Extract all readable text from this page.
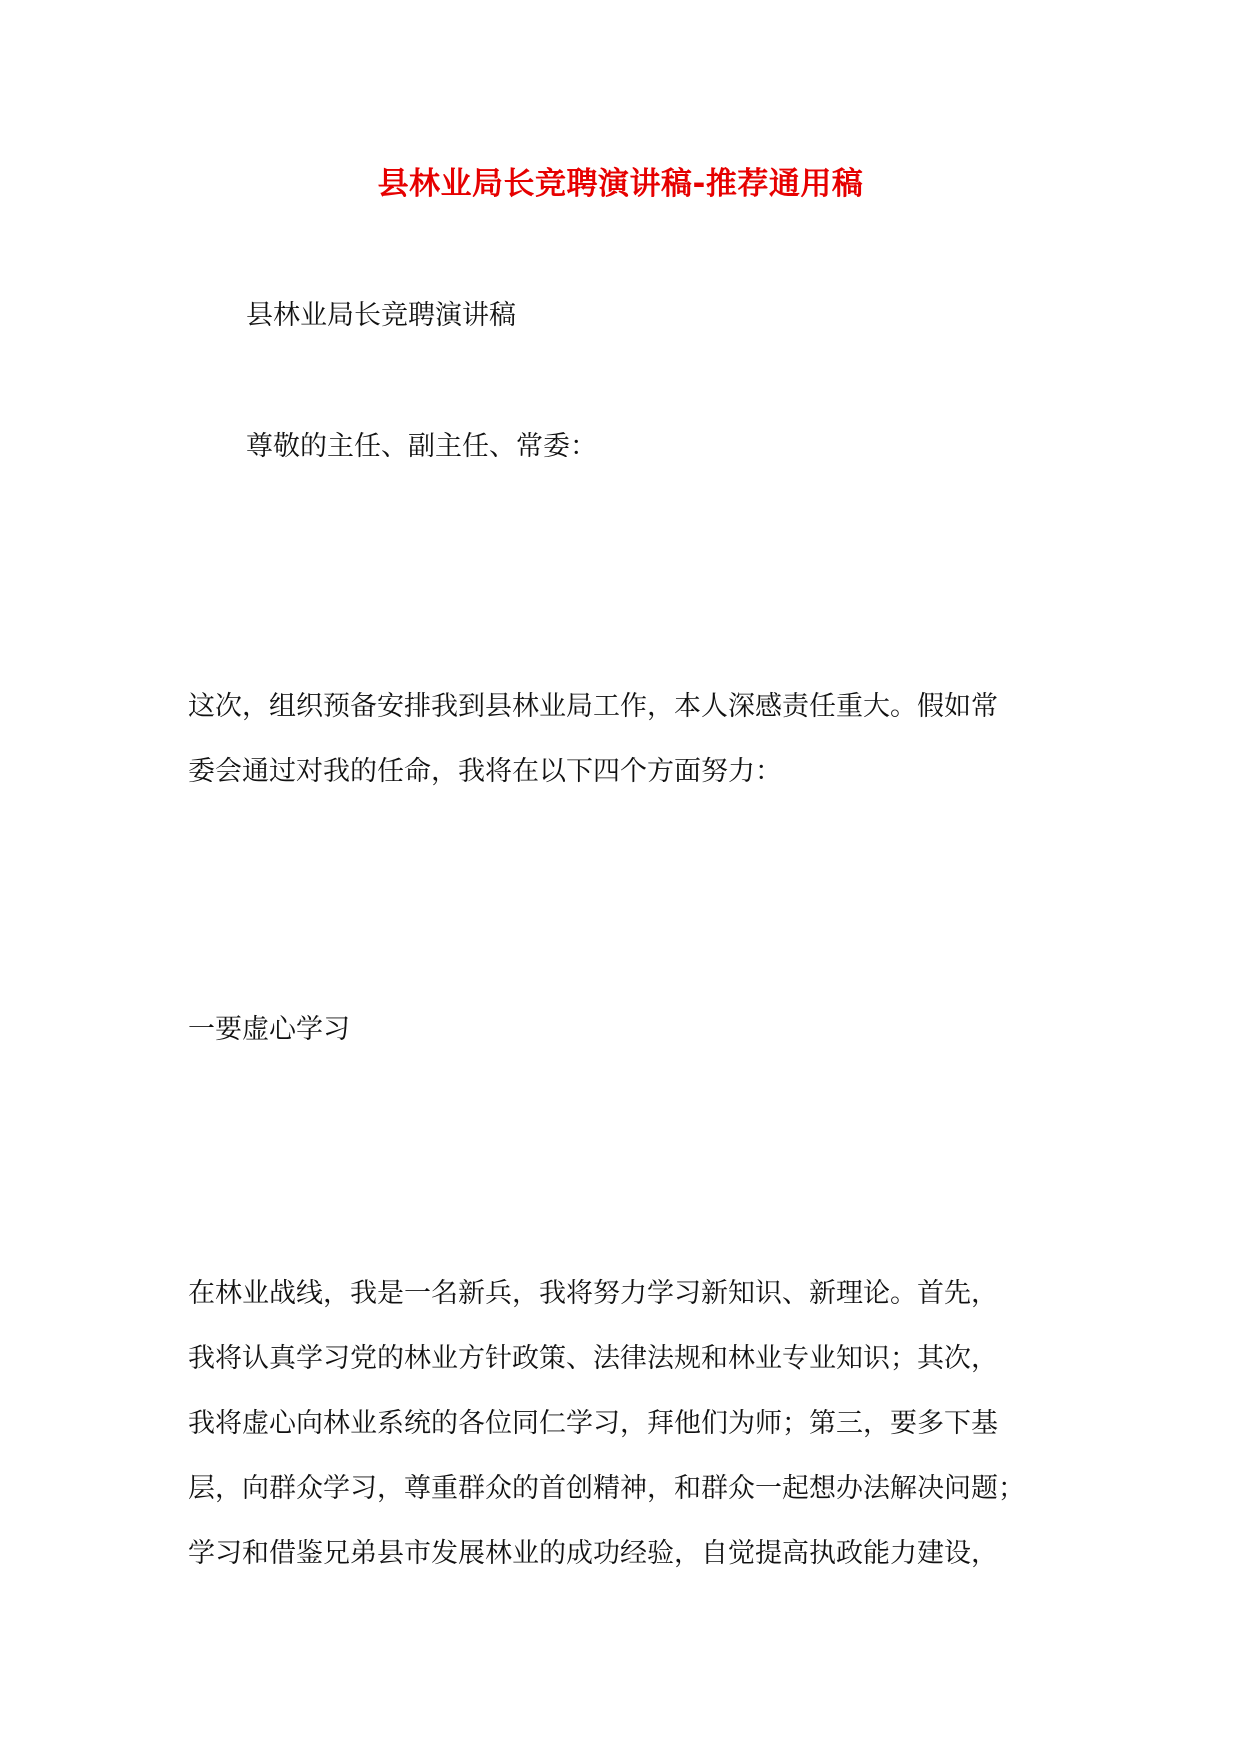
县林业局长竞聘演讲稿-推荐通用稿
县林业局长竞聘演讲稿
尊敬的主任、副主任、常委：
这次，组织预备安排我到县林业局工作，本人深感责任重大。假如常
委会通过对我的任命，我将在以下四个方面努力：
一要虚心学习
在林业战线，我是一名新兵，我将努力学习新知识、新理论。首先，
我将认真学习党的林业方针政策、法律法规和林业专业知识；其次，
我将虚心向林业系统的各位同仁学习，拜他们为师；第三，要多下基
层，向群众学习，尊重群众的首创精神，和群众一起想办法解决问题；
学习和借鉴兄弟县市发展林业的成功经验，自觉提高执政能力建设，
